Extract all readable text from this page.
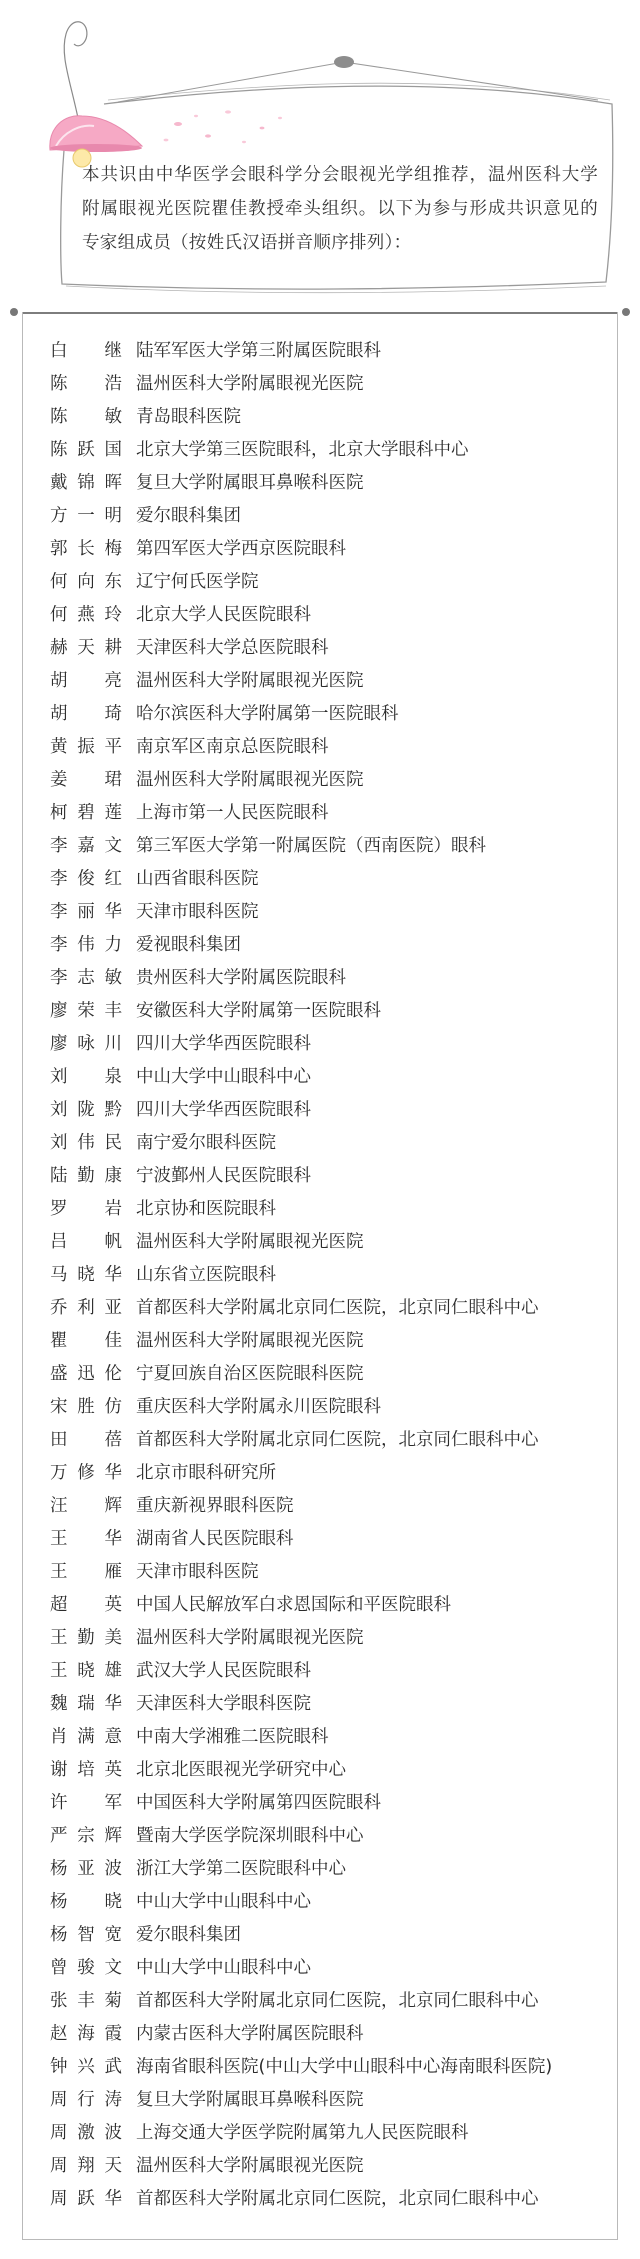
本共识由中华医学会眼科学分会眼视光学组推荐，温州医科大学附属眼视光医院瞿佳教授牵头组织。以下为参与形成共识意见的专家组成员（按姓氏汉语拼音顺序排列）：

白　继 陆军军医大学第三附属医院眼科
陈　浩 温州医科大学附属眼视光医院
陈　敏 青岛眼科医院
陈跃国 北京大学第三医院眼科，北京大学眼科中心
戴锦晖 复旦大学附属眼耳鼻喉科医院
方一明 爱尔眼科集团
郭长梅 第四军医大学西京医院眼科
何向东 辽宁何氏医学院
何燕玲 北京大学人民医院眼科
赫天耕 天津医科大学总医院眼科
胡　亮 温州医科大学附属眼视光医院
胡　琦 哈尔滨医科大学附属第一医院眼科
黄振平 南京军区南京总医院眼科
姜　珺 温州医科大学附属眼视光医院
柯碧莲 上海市第一人民医院眼科
李嘉文 第三军医大学第一附属医院（西南医院）眼科
李俊红 山西省眼科医院
李丽华 天津市眼科医院
李伟力 爱视眼科集团
李志敏 贵州医科大学附属医院眼科
廖荣丰 安徽医科大学附属第一医院眼科
廖咏川 四川大学华西医院眼科
刘　泉 中山大学中山眼科中心
刘陇黔 四川大学华西医院眼科
刘伟民 南宁爱尔眼科医院
陆勤康 宁波鄞州人民医院眼科
罗　岩 北京协和医院眼科
吕　帆 温州医科大学附属眼视光医院
马晓华 山东省立医院眼科
乔利亚 首都医科大学附属北京同仁医院，北京同仁眼科中心
瞿　佳 温州医科大学附属眼视光医院
盛迅伦 宁夏回族自治区医院眼科医院
宋胜仿 重庆医科大学附属永川医院眼科
田　蓓 首都医科大学附属北京同仁医院，北京同仁眼科中心
万修华 北京市眼科研究所
汪　辉 重庆新视界眼科医院
王　华 湖南省人民医院眼科
王　雁 天津市眼科医院
超　英 中国人民解放军白求恩国际和平医院眼科
王勤美 温州医科大学附属眼视光医院
王晓雄 武汉大学人民医院眼科
魏瑞华 天津医科大学眼科医院
肖满意 中南大学湘雅二医院眼科
谢培英 北京北医眼视光学研究中心
许　军 中国医科大学附属第四医院眼科
严宗辉 暨南大学医学院深圳眼科中心
杨亚波 浙江大学第二医院眼科中心
杨　晓 中山大学中山眼科中心
杨智宽 爱尔眼科集团
曾骏文 中山大学中山眼科中心
张丰菊 首都医科大学附属北京同仁医院，北京同仁眼科中心
赵海霞 内蒙古医科大学附属医院眼科
钟兴武 海南省眼科医院(中山大学中山眼科中心海南眼科医院)
周行涛 复旦大学附属眼耳鼻喉科医院
周激波 上海交通大学医学院附属第九人民医院眼科
周翔天 温州医科大学附属眼视光医院
周跃华 首都医科大学附属北京同仁医院，北京同仁眼科中心
